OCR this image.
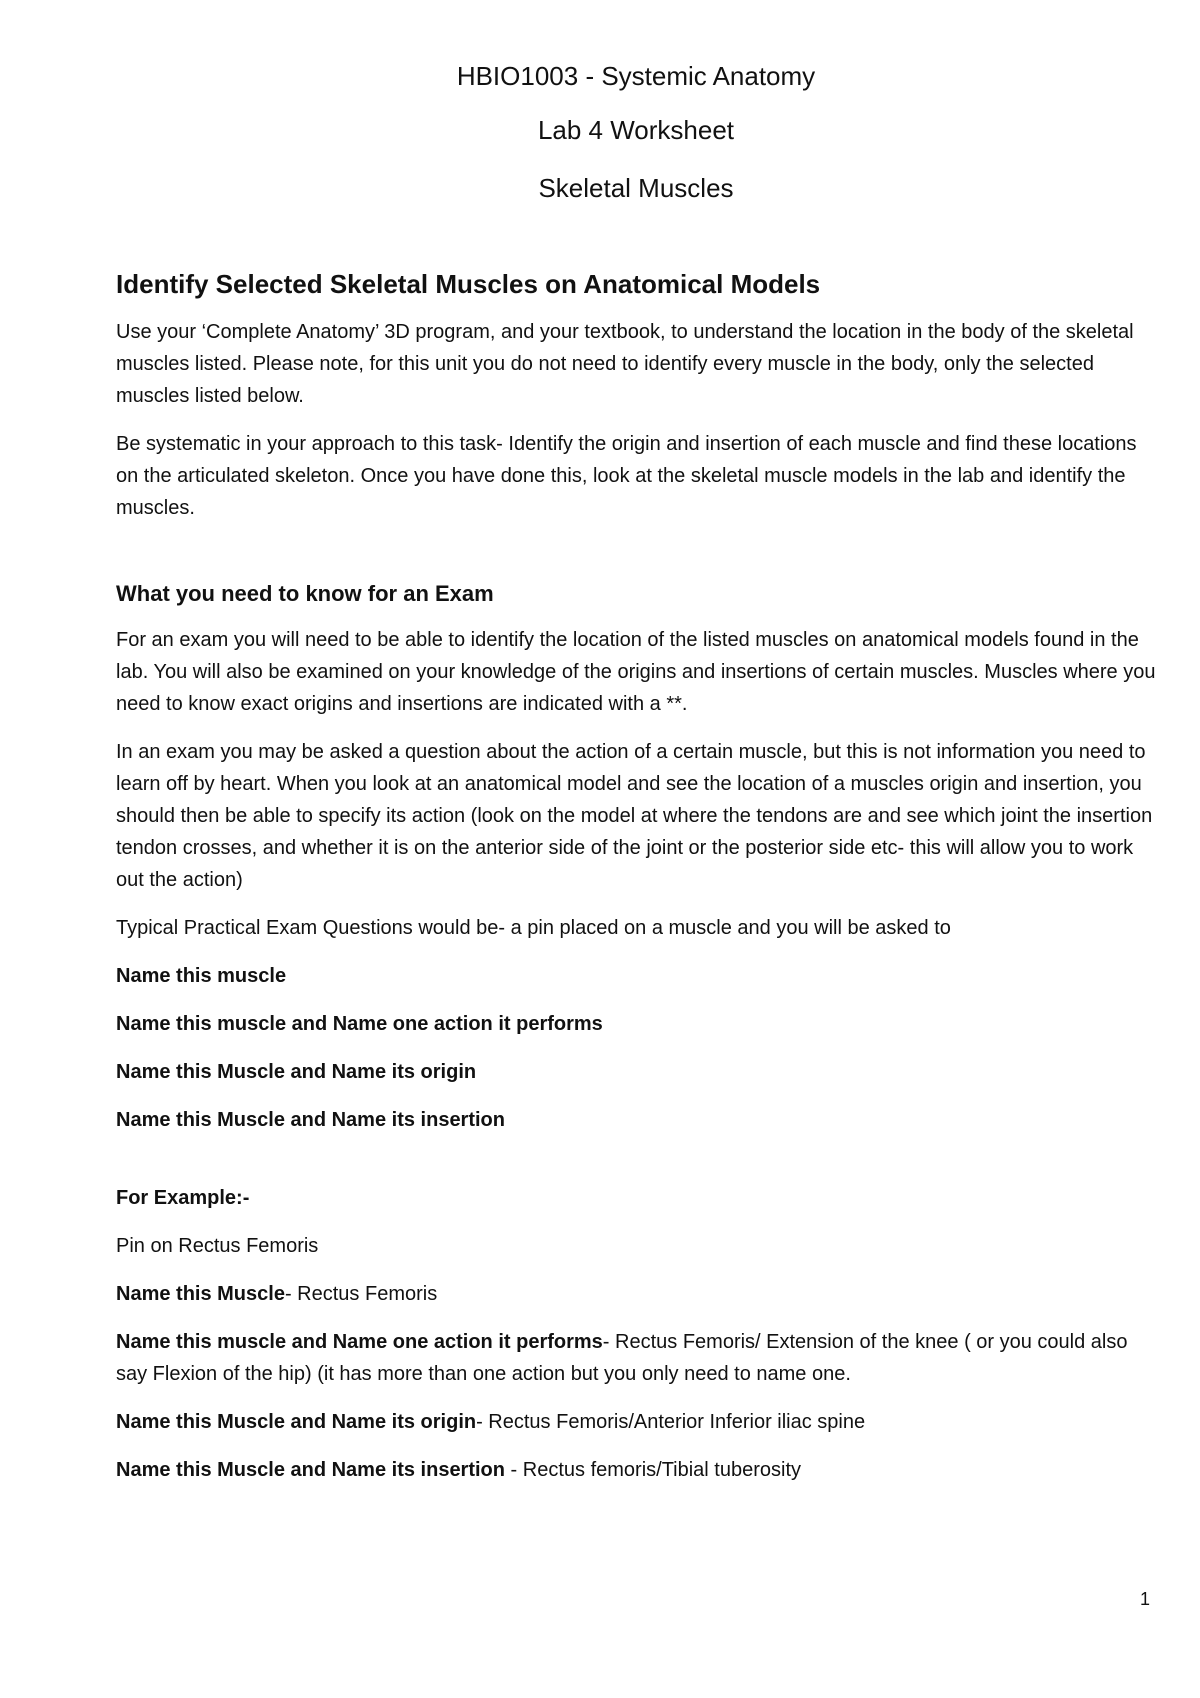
HBIO1003 - Systemic Anatomy
Lab 4 Worksheet
Skeletal Muscles
Identify Selected Skeletal Muscles on Anatomical Models

Use your ‘Complete Anatomy’ 3D program, and your textbook, to understand the location in the body of the skeletal muscles listed. Please note, for this unit you do not need to identify every muscle in the body, only the selected muscles listed below.

Be systematic in your approach to this task- Identify the origin and insertion of each muscle and find these locations on the articulated skeleton. Once you have done this, look at the skeletal muscle models in the lab and identify the muscles.

What you need to know for an Exam

For an exam you will need to be able to identify the location of the listed muscles on anatomical models found in the lab. You will also be examined on your knowledge of the origins and insertions of certain muscles. Muscles where you need to know exact origins and insertions are indicated with a **.

In an exam you may be asked a question about the action of a certain muscle, but this is not information you need to learn off by heart. When you look at an anatomical model and see the location of a muscles origin and insertion, you should then be able to specify its action (look on the model at where the tendons are and see which joint the insertion tendon crosses, and whether it is on the anterior side of the joint or the posterior side etc- this will allow you to work out the action)

Typical Practical Exam Questions would be- a pin placed on a muscle and you will be asked to

Name this muscle

Name this muscle and Name one action it performs

Name this Muscle and Name its origin

Name this Muscle and Name its insertion

For Example:-

Pin on Rectus Femoris

Name this Muscle- Rectus Femoris

Name this muscle and Name one action it performs- Rectus Femoris/ Extension of the knee ( or you could also say Flexion of the hip) (it has more than one action but you only need to name one.

Name this Muscle and Name its origin- Rectus Femoris/Anterior Inferior iliac spine

Name this Muscle and Name its insertion - Rectus femoris/Tibial tuberosity

1
